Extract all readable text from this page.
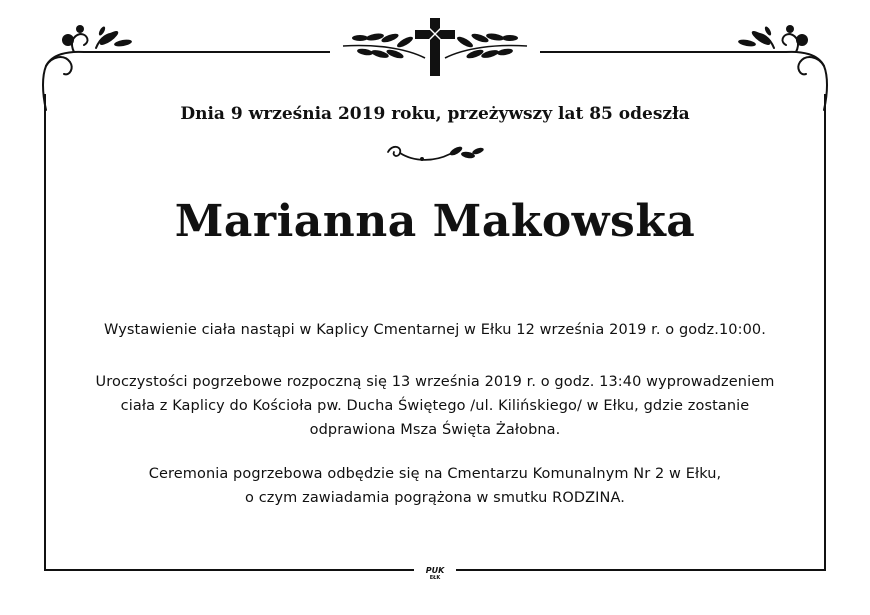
Dnia 9 września 2019 roku, przeżywszy lat 85 odeszła

Marianna Makowska

Wystawienie ciała nastąpi w Kaplicy Cmentarnej w Ełku 12 września 2019 r. o godz.10:00.
Uroczystości pogrzebowe rozpoczną się 13 września 2019 r. o godz. 13:40 wyprowadzeniem
ciała z Kaplicy do Kościoła pw. Ducha Świętego /ul. Kilińskiego/ w Ełku, gdzie zostanie
odprawiona Msza Święta Żałobna.
Ceremonia pogrzebowa odbędzie się na Cmentarzu Komunalnym Nr 2 w Ełku,
o czym zawiadamia pogrążona w smutku RODZINA.
PUK
EŁK
